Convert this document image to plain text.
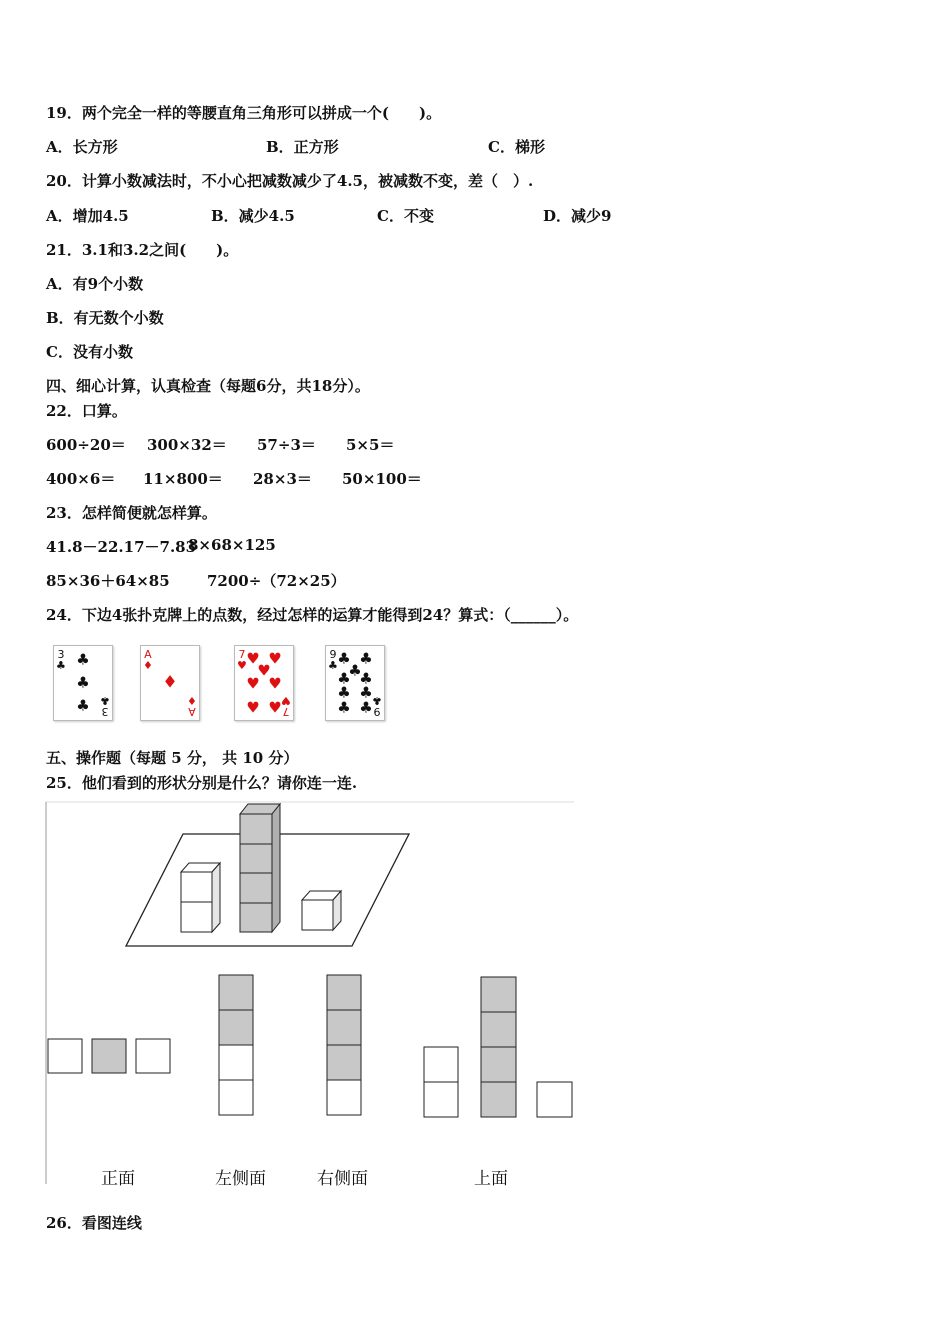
19．两个完全一样的等腰直角三角形可以拼成一个(　　)。
A．长方形	B．正方形	C．梯形
20．计算小数减法时，不小心把减数减少了4.5，被减数不变，差（　）.
A．增加4.5	B．减少4.5	C．不变	D．减少9
21．3.1和3.2之间(　　)。
A．有9个小数
B．有无数个小数
C．没有小数
四、细心计算，认真检查（每题6分，共18分）。
22．口算。
600÷20＝ 300×32＝ 57÷3＝ 5×5＝
400×6＝ 11×800＝ 28×3＝ 50×100＝
23．怎样简便就怎样算。
41.8－22.17－7.83
8×68×125
85×36＋64×85 7200÷（72×25）
24．下边4张扑克牌上的点数，经过怎样的运算才能得到24？算式：（______）。
3
♣ ♣
♣
♣ 3
♣
A
♦
♦
A
♦
7
♥ ♥ ♥
♥
♥ ♥
♥ ♥ 7
♥
9
♣ ♣ ♣
♣
♣ ♣
♣ ♣
♣ ♣ 9
♣
五、操作题（每题 5 分， 共 10 分）
25．他们看到的形状分别是什么？请你连一连.
正面	左侧面	右侧面	上面
26．看图连线
